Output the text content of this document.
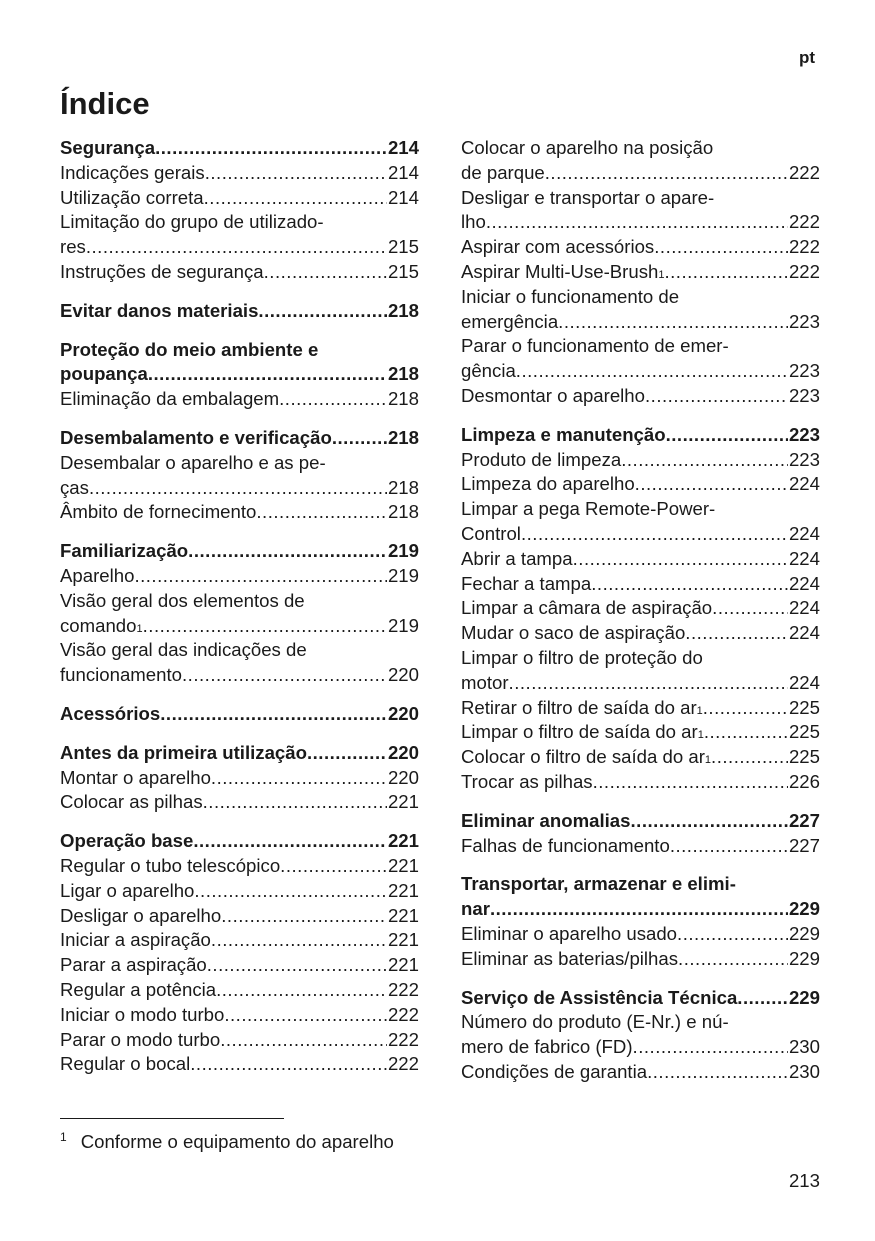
pt
Índice
Segurança .....	214
Indicações gerais .....	214
Utilização correta .....	214
Limitação do grupo de utilizado-
res .....	215
Instruções de segurança .....	215
Evitar danos materiais .....	218
Proteção do meio ambiente e
poupança .....	218
Eliminação da embalagem .....	218
Desembalamento e verificação .....	218
Desembalar o aparelho e as pe-
ças .....	218
Âmbito de fornecimento .....	218
Familiarização .....	219
Aparelho .....	219
Visão geral dos elementos de
comando 1 .....	219
Visão geral das indicações de
funcionamento .....	220
Acessórios .....	220
Antes da primeira utilização .....	220
Montar o aparelho .....	220
Colocar as pilhas .....	221
Operação base .....	221
Regular o tubo telescópico .....	221
Ligar o aparelho .....	221
Desligar o aparelho .....	221
Iniciar a aspiração .....	221
Parar a aspiração .....	221
Regular a potência .....	222
Iniciar o modo turbo .....	222
Parar o modo turbo .....	222
Regular o bocal .....	222
Colocar o aparelho na posição
de parque .....	222
Desligar e transportar o apare-
lho .....	222
Aspirar com acessórios .....	222
Aspirar Multi-Use-Brush 1 .....	222
Iniciar o funcionamento de
emergência .....	223
Parar o funcionamento de emer-
gência .....	223
Desmontar o aparelho .....	223
Limpeza e manutenção .....	223
Produto de limpeza .....	223
Limpeza do aparelho .....	224
Limpar a pega Remote-Power-
Control .....	224
Abrir a tampa .....	224
Fechar a tampa .....	224
Limpar a câmara de aspiração .....	224
Mudar o saco de aspiração .....	224
Limpar o filtro de proteção do
motor .....	224
Retirar o filtro de saída do ar 1 .....	225
Limpar o filtro de saída do ar 1 .....	225
Colocar o filtro de saída do ar 1 .....	225
Trocar as pilhas .....	226
Eliminar anomalias .....	227
Falhas de funcionamento .....	227
Transportar, armazenar e elimi-
nar .....	229
Eliminar o aparelho usado .....	229
Eliminar as baterias/pilhas .....	229
Serviço de Assistência Técnica .....	229
Número do produto (E-Nr.) e nú-
mero de fabrico (FD) .....	230
Condições de garantia .....	230
$^1$ Conforme o equipamento do aparelho
213
